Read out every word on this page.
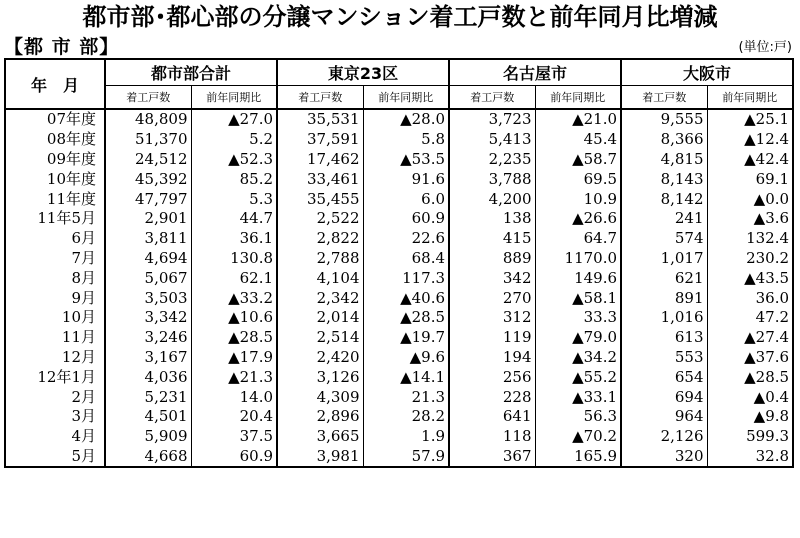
都市部･都心部の分譲マンション着工戸数と前年同月比増減
【都 市 部】	(単位:戸)
年　月	都市部合計		東京23区		名古屋市		大阪市	
	着工戸数	前年同期比	着工戸数	前年同期比	着工戸数	前年同期比	着工戸数	前年同期比
07年度	48,809	▲27.0	35,531	▲28.0	3,723	▲21.0	9,555	▲25.1
08年度	51,370	5.2	37,591	5.8	5,413	45.4	8,366	▲12.4
09年度	24,512	▲52.3	17,462	▲53.5	2,235	▲58.7	4,815	▲42.4
10年度	45,392	85.2	33,461	91.6	3,788	69.5	8,143	69.1
11年度	47,797	5.3	35,455	6.0	4,200	10.9	8,142	▲0.0
11年5月	2,901	44.7	2,522	60.9	138	▲26.6	241	▲3.6
6月	3,811	36.1	2,822	22.6	415	64.7	574	132.4
7月	4,694	130.8	2,788	68.4	889	1170.0	1,017	230.2
8月	5,067	62.1	4,104	117.3	342	149.6	621	▲43.5
9月	3,503	▲33.2	2,342	▲40.6	270	▲58.1	891	36.0
10月	3,342	▲10.6	2,014	▲28.5	312	33.3	1,016	47.2
11月	3,246	▲28.5	2,514	▲19.7	119	▲79.0	613	▲27.4
12月	3,167	▲17.9	2,420	▲9.6	194	▲34.2	553	▲37.6
12年1月	4,036	▲21.3	3,126	▲14.1	256	▲55.2	654	▲28.5
2月	5,231	14.0	4,309	21.3	228	▲33.1	694	▲0.4
3月	4,501	20.4	2,896	28.2	641	56.3	964	▲9.8
4月	5,909	37.5	3,665	1.9	118	▲70.2	2,126	599.3
5月	4,668	60.9	3,981	57.9	367	165.9	320	32.8
